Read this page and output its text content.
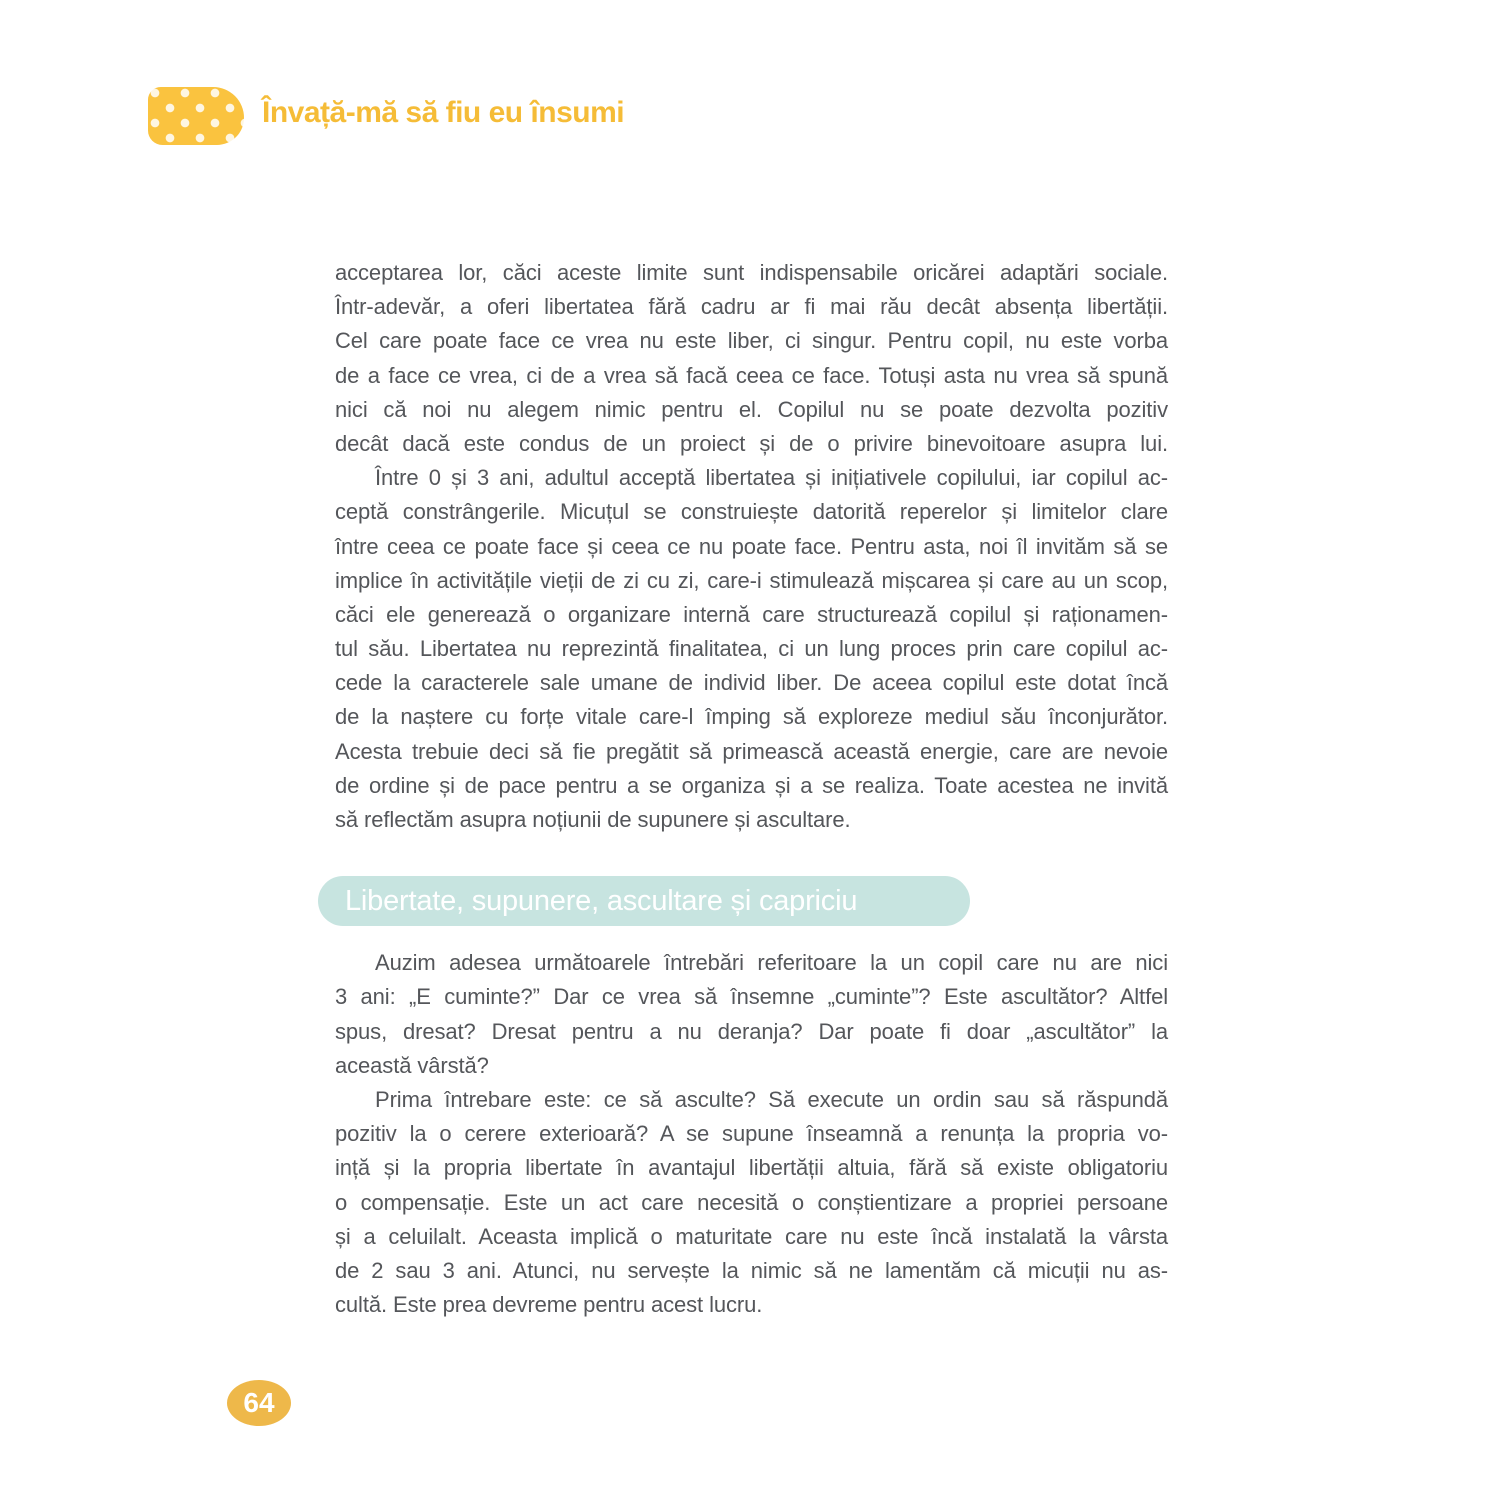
Învață-mă să fiu eu însumi
acceptarea lor, căci aceste limite sunt indispensabile oricărei adaptări sociale.
Într-adevăr, a oferi libertatea fără cadru ar fi mai rău decât absența libertății.
Cel care poate face ce vrea nu este liber, ci singur. Pentru copil, nu este vorba
de a face ce vrea, ci de a vrea să facă ceea ce face. Totuși asta nu vrea să spună
nici că noi nu alegem nimic pentru el. Copilul nu se poate dezvolta pozitiv
decât dacă este condus de un proiect și de o privire binevoitoare asupra lui.
Între 0 și 3 ani, adultul acceptă libertatea și inițiativele copilului, iar copilul ac-
ceptă constrângerile. Micuțul se construiește datorită reperelor și limitelor clare
între ceea ce poate face și ceea ce nu poate face. Pentru asta, noi îl invităm să se
implice în activitățile vieții de zi cu zi, care-i stimulează mișcarea și care au un scop,
căci ele generează o organizare internă care structurează copilul și raționamen-
tul său. Libertatea nu reprezintă finalitatea, ci un lung proces prin care copilul ac-
cede la caracterele sale umane de individ liber. De aceea copilul este dotat încă
de la naștere cu forțe vitale care-l împing să exploreze mediul său înconjurător.
Acesta trebuie deci să fie pregătit să primească această energie, care are nevoie
de ordine și de pace pentru a se organiza și a se realiza. Toate acestea ne invită
să reflectăm asupra noțiunii de supunere și ascultare.
Libertate, supunere, ascultare și capriciu
Auzim adesea următoarele întrebări referitoare la un copil care nu are nici
3 ani: „E cuminte?” Dar ce vrea să însemne „cuminte”? Este ascultător? Altfel
spus, dresat? Dresat pentru a nu deranja? Dar poate fi doar „ascultător” la
această vârstă?
Prima întrebare este: ce să asculte? Să execute un ordin sau să răspundă
pozitiv la o cerere exterioară? A se supune înseamnă a renunța la propria vo-
ință și la propria libertate în avantajul libertății altuia, fără să existe obligatoriu
o compensație. Este un act care necesită o conștientizare a propriei persoane
și a celuilalt. Aceasta implică o maturitate care nu este încă instalată la vârsta
de 2 sau 3 ani. Atunci, nu servește la nimic să ne lamentăm că micuții nu as-
cultă. Este prea devreme pentru acest lucru.
64
